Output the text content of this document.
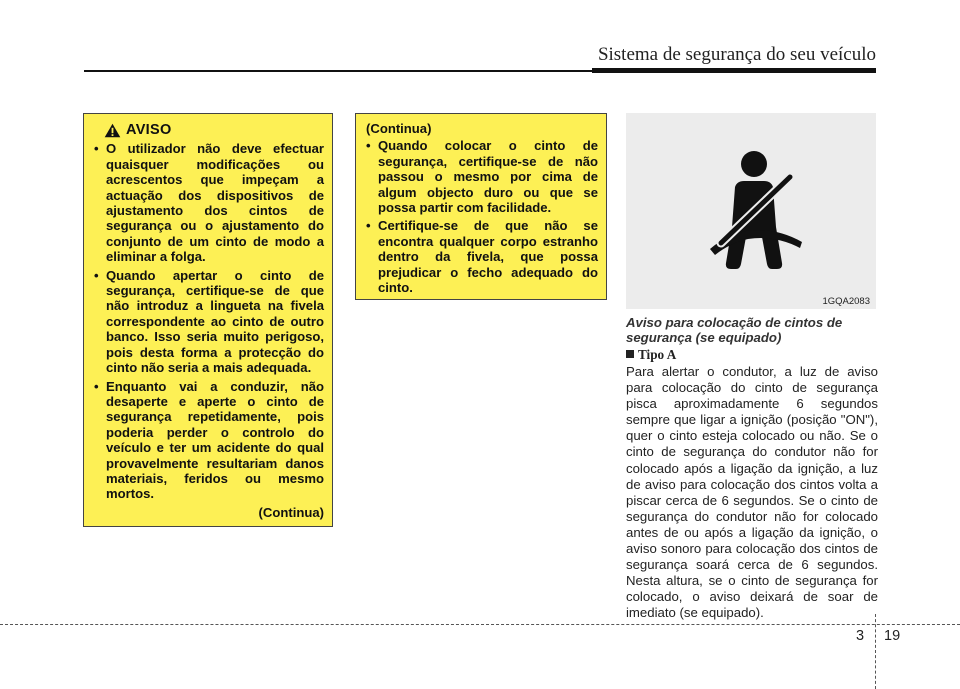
Sistema de segurança do seu veículo
AVISO
• O utilizador não deve efectuar quaisquer modificações ou acrescentos que impeçam a actuação dos dispositivos de ajustamento dos cintos de segurança ou o ajustamento do conjunto de um cinto de modo a eliminar a folga.
• Quando apertar o cinto de segurança, certifique-se de que não introduz a lingueta na fivela correspondente ao cinto de outro banco. Isso seria muito perigoso, pois desta forma a protecção do cinto não seria a mais adequada.
• Enquanto vai a conduzir, não desaperte e aperte o cinto de segurança repetidamente, pois poderia perder o controlo do veículo e ter um acidente do qual provavelmente resultariam danos materiais, feridos ou mesmo mortos.
(Continua)
(Continua)
• Quando colocar o cinto de segurança, certifique-se de não passou o mesmo por cima de algum objecto duro ou que se possa partir com facilidade.
• Certifique-se de que não se encontra qualquer corpo estranho dentro da fivela, que possa prejudicar o fecho adequado do cinto.
1GQA2083
Aviso para colocação de cintos de segurança (se equipado)
Tipo A
Para alertar o condutor, a luz de aviso para colocação do cinto de segurança pisca aproximadamente 6 segundos sempre que ligar a ignição (posição "ON"), quer o cinto esteja colocado ou não. Se o cinto de segurança do condutor não for colocado após a ligação da ignição, a luz de aviso para colocação dos cintos volta a piscar cerca de 6 segundos. Se o cinto de segurança do condutor não for colocado antes de ou após a ligação da ignição, o aviso sonoro para colocação dos cintos de segurança soará cerca de 6 segundos. Nesta altura, se o cinto de segurança for colocado, o aviso deixará de soar de imediato (se equipado).
3 19
